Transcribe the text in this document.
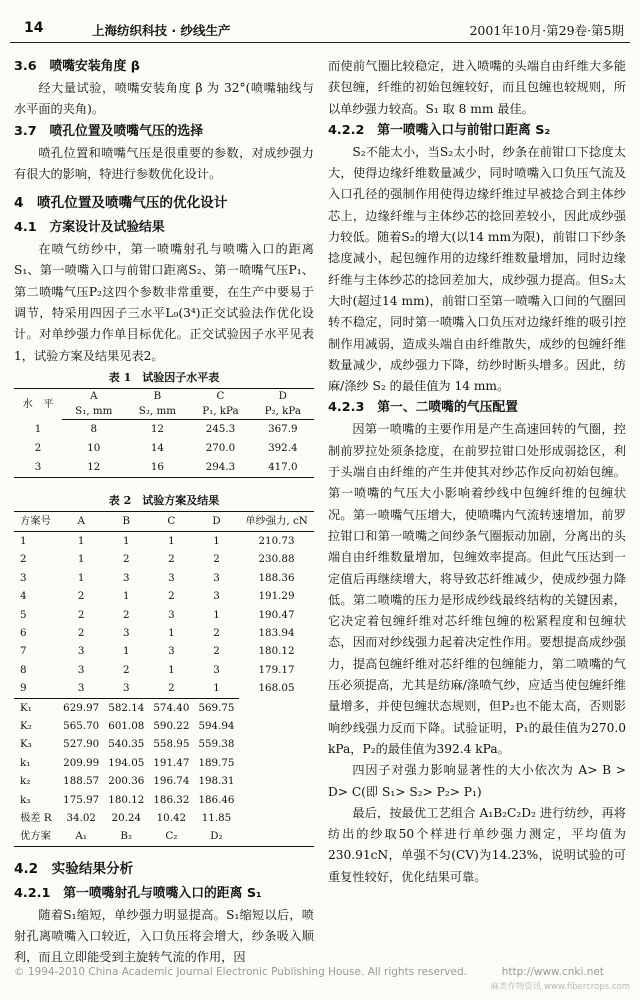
14	上海纺织科技 · 纱线生产	2001年10月·第29卷·第5期
3.6　喷嘴安装角度 β

经大量试验，喷嘴安装角度 β 为 32°(喷嘴轴线与水平面的夹角)。

3.7　喷孔位置及喷嘴气压的选择

喷孔位置和喷嘴气压是很重要的参数，对成纱强力有很大的影响，特进行参数优化设计。

4　喷孔位置及喷嘴气压的优化设计
4.1　方案设计及试验结果

在喷气纺纱中，第一喷嘴射孔与喷嘴入口的距离S₁、第一喷嘴入口与前钳口距离S₂、第一喷嘴气压P₁、第二喷嘴气压P₂这四个参数非常重要，在生产中要易于调节，特采用四因子三水平L₉(3⁴)正交试验法作优化设计。对单纱强力作单目标优化。正交试验因子水平见表1，试验方案及结果见表2。

表 1　试验因子水平表
水　平	A	B	C	D
	S₁, mm	S₂, mm	P₁, kPa	P₂, kPa
1	8	12	245.3	367.9
2	10	14	270.0	392.4
3	12	16	294.3	417.0
表 2　试验方案及结果
方案号	A	B	C	D	单纱强力, cN
1	1	1	1	1	210.73
2	1	2	2	2	230.88
3	1	3	3	3	188.36
4	2	1	2	3	191.29
5	2	2	3	1	190.47
6	2	3	1	2	183.94
7	3	1	3	2	180.12
8	3	2	1	3	179.17
9	3	3	2	1	168.05
K₁	629.97	582.14	574.40	569.75	
K₂	565.70	601.08	590.22	594.94	
K₃	527.90	540.35	558.95	559.38	
k₁	209.99	194.05	191.47	189.75	
k₂	188.57	200.36	196.74	198.31	
k₃	175.97	180.12	186.32	186.46	
极差 R	34.02	20.24	10.42	11.85	
优方案	A₁	B₂	C₂	D₂	
4.2　实验结果分析
4.2.1　第一喷嘴射孔与喷嘴入口的距离 S₁

随着S₁缩短，单纱强力明显提高。S₁缩短以后，喷射孔离喷嘴入口较近，入口负压将会增大，纱条吸入顺利，而且立即能受到主旋转气流的作用，因

而使前气圈比较稳定，进入喷嘴的头端自由纤维大多能获包缠，纤维的初始包缠较好，而且包缠也较规则，所以单纱强力较高。S₁ 取 8 mm 最佳。

4.2.2　第一喷嘴入口与前钳口距离 S₂

S₂不能太小，当S₂太小时，纱条在前钳口下捻度太大，使得边缘纤维数量减少，同时喷嘴入口负压气流及入口孔径的强制作用使得边缘纤维过早被捻合到主体纱芯上，边缘纤维与主体纱芯的捻回差较小，因此成纱强力较低。随着S₂的增大(以14 mm为限)，前钳口下纱条捻度减小，起包缠作用的边缘纤维数量增加，同时边缘纤维与主体纱芯的捻回差加大，成纱强力提高。但S₂太大时(超过14 mm)，前钳口至第一喷嘴入口间的气圈回转不稳定，同时第一喷嘴入口负压对边缘纤维的吸引控制作用减弱，造成头端自由纤维散失，成纱的包缠纤维数量减少，成纱强力下降，纺纱时断头增多。因此，纺麻/涤纱 S₂ 的最佳值为 14 mm。

4.2.3　第一、二喷嘴的气压配置

因第一喷嘴的主要作用是产生高速回转的气圈，控制前罗拉处须条捻度，在前罗拉钳口处形成弱捻区，利于头端自由纤维的产生并使其对纱芯作反向初始包缠。第一喷嘴的气压大小影响着纱线中包缠纤维的包缠状况。第一喷嘴气压增大，使喷嘴内气流转速增加，前罗拉钳口和第一喷嘴之间纱条气圈振动加剧，分离出的头端自由纤维数量增加，包缠效率提高。但此气压达到一定值后再继续增大，将导致芯纤维减少，使成纱强力降低。第二喷嘴的压力是形成纱线最终结构的关键因素，它决定着包缠纤维对芯纤维包缠的松紧程度和包缠状态，因而对纱线强力起着决定性作用。要想提高成纱强力，提高包缠纤维对芯纤维的包缠能力，第二喷嘴的气压必须提高，尤其是纺麻/涤喷气纱，应适当使包缠纤维量增多，并使包缠状态规则，但P₂也不能太高，否则影响纱线强力反而下降。试验证明，P₁的最佳值为270.0 kPa，P₂的最佳值为392.4 kPa。

四因子对强力影响显著性的大小依次为 A> B > D> C(即 S₁> S₂> P₂> P₁)

最后，按最优工艺组合 A₁B₂C₂D₂ 进行纺纱，再将纺出的纱取50个样进行单纱强力测定，平均值为230.91cN，单强不匀(CV)为14.23%，说明试验的可重复性较好，优化结果可靠。

© 1994-2010 China Academic Journal Electronic Publishing House. All rights reserved.	http://www.cnki.net
麻类作物资讯 www.fibercrops.com
